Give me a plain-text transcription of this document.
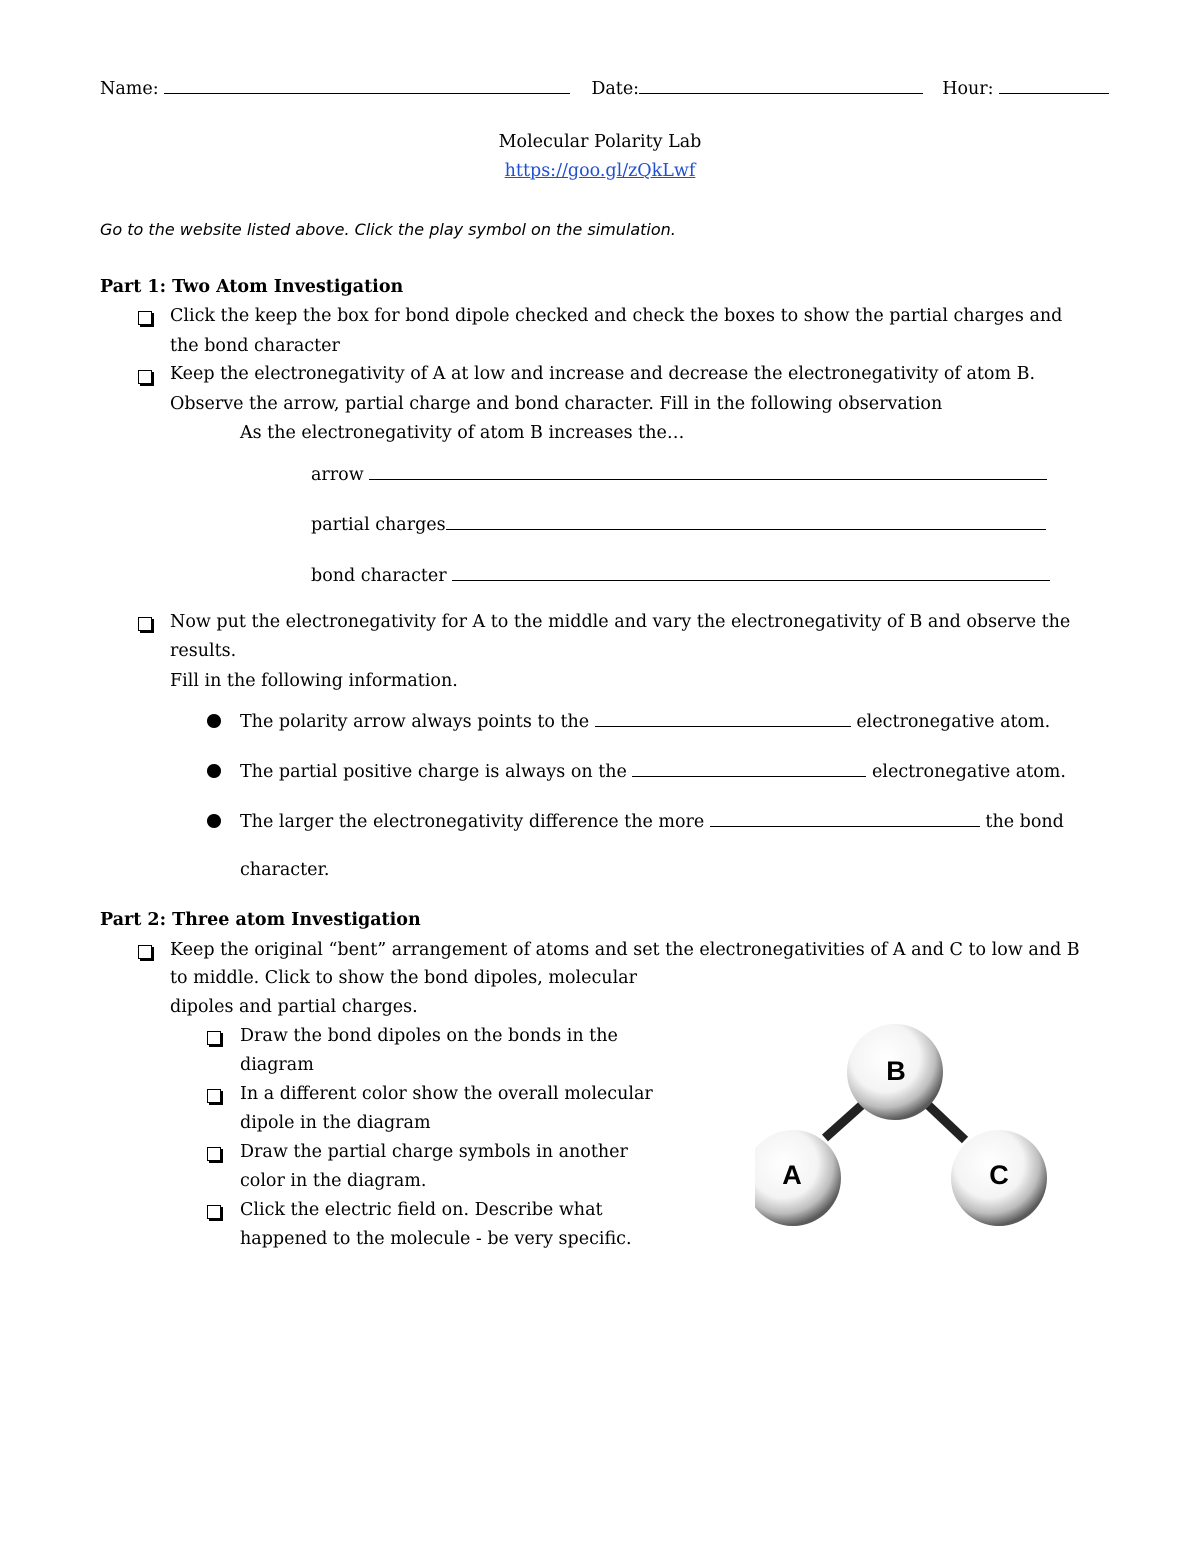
Name:	Date:	Hour:
Molecular Polarity Lab
https://goo.gl/zQkLwf
Go to the website listed above. Click the play symbol on the simulation.
Part 1: Two Atom Investigation
Click the keep the box for bond dipole checked and check the boxes to show the partial charges and
the bond character
Keep the electronegativity of A at low and increase and decrease the electronegativity of atom B.
Observe the arrow, partial charge and bond character. Fill in the following observation
As the electronegativity of atom B increases the…
arrow
partial charges
bond character
Now put the electronegativity for A to the middle and vary the electronegativity of B and observe the
results.
Fill in the following information.
The polarity arrow always points to the	electronegative atom.
The partial positive charge is always on the	electronegative atom.
The larger the electronegativity difference the more	the bond
character.
Part 2: Three atom Investigation
Keep the original “bent” arrangement of atoms and set the electronegativities of A and C to low and B
to middle. Click to show the bond dipoles, molecular
dipoles and partial charges.
Draw the bond dipoles on the bonds in the
diagram
In a different color show the overall molecular
dipole in the diagram
Draw the partial charge symbols in another
color in the diagram.
Click the electric field on. Describe what
happened to the molecule - be very specific.
B
A	C
